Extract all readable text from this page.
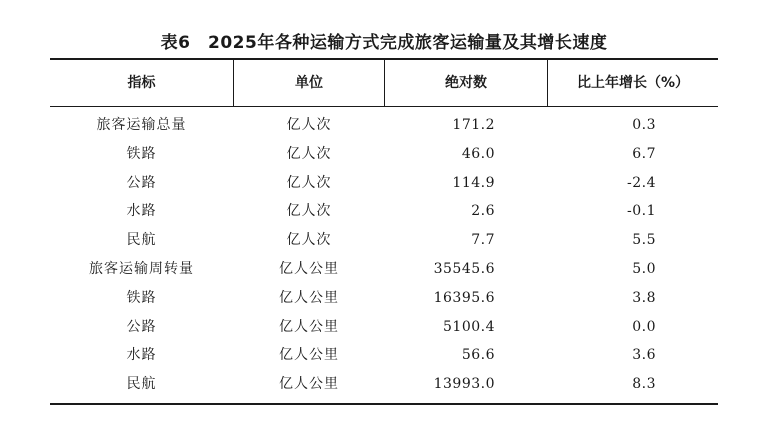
表6　2025年各种运输方式完成旅客运输量及其增长速度
指标	单位	绝对数	比上年增长（%）
旅客运输总量	亿人次	171.2	0.3
铁路	亿人次	46.0	6.7
公路	亿人次	114.9	-2.4
水路	亿人次	2.6	-0.1
民航	亿人次	7.7	5.5
旅客运输周转量	亿人公里	35545.6	5.0
铁路	亿人公里	16395.6	3.8
公路	亿人公里	5100.4	0.0
水路	亿人公里	56.6	3.6
民航	亿人公里	13993.0	8.3
